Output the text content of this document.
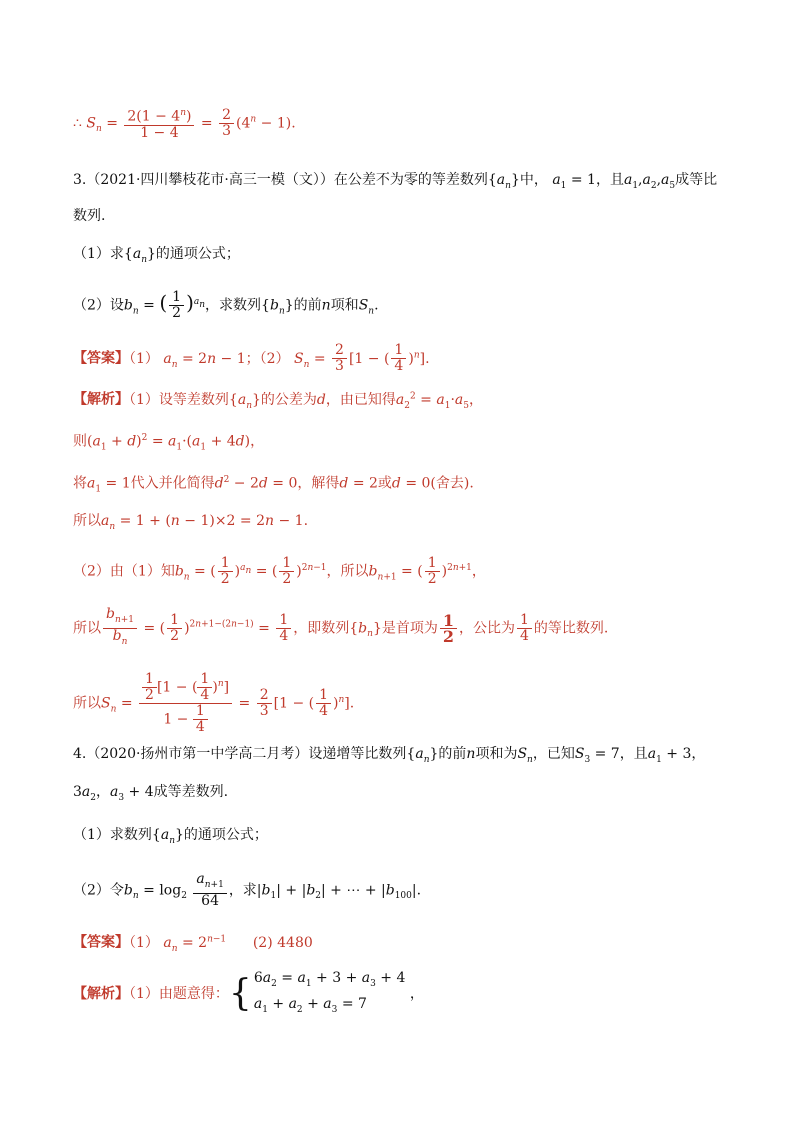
∴ $S_n = \frac{2(1 - 4^n)}{1 - 4} = \frac{2}{3} (4^n - 1)$.
3.（2021·四川攀枝花市·高三一模（文））在公差不为零的等差数列$\{a_n\}$中， $a_1 = 1$，且$a_1,a_2,a_5$成等比
数列.
（1）求$\{a_n\}$的通项公式；
（2）设$b_n$ = ( $\frac{1}{2} )^{a_n}$，求数列$\{b_n\}$的前n项和$S_n$.
【答案】（1） $a_n = 2n - 1$；（2） $S_n = \frac{2}{3} [1$ − ( $\frac{1}{4} )^n$].
【解析】（1）设等差数列$\{a_n\}$的公差为d，由已知得$a_2^2 = a_1\cdot a_5$，
则$(a_1 + d)^2 = a_1\cdot(a_1 + 4d)$，
将$a_1 = 1$代入并化简得$d^2 - 2d = 0$，解得d = 2或d = 0(舍去).
所以$a_n = 1 + (n - 1)\times 2 = 2n - 1$.
（2）由（1）知$b_n$ = ( $\frac{1}{2} )^{a_n}$ = ( $\frac{1}{2} )^{2n-1}$，所以$b_{n+1}$ = ( $\frac{1}{2} )^{2n+1}$，
所以 $\frac{b_{n+1}}{b_n}$ = ( $\frac{1}{2} )^{2n+1-(2n-1)} = \frac{1}{4}$ ，即数列$\{b_n\}$是首项为 $\frac{1}{2}$ ，公比为 $\frac{1}{4}$ 的等比数列.
所以$S_n = \frac{\frac{1}{2} [1 - ( \frac{1}{4} )^n]}{1 - \frac{1}{4}} = \frac{2}{3} [1$ − ( $\frac{1}{4} )^n$].
4.（2020·扬州市第一中学高二月考）设递增等比数列$\{a_n\}$的前n项和为$S_n$，已知$S_3 = 7$，且$a_1 + 3$，
$3a_2$，$a_3 + 4$成等差数列.
（1）求数列$\{a_n\}$的通项公式；
（2）令$b_n = \log_2 \frac{a_{n+1}}{64}$ ，求$|b_1| + |b_2|$ + ⋯ + $|b_{100}|$.
【答案】（1） $a_n = 2^{n-1}$      (2) 4480
【解析】（1）由题意得：{ $6a_2 = a_1 + 3 + a_3 + 4$
$a_1 + a_2 + a_3 = 7$
，
